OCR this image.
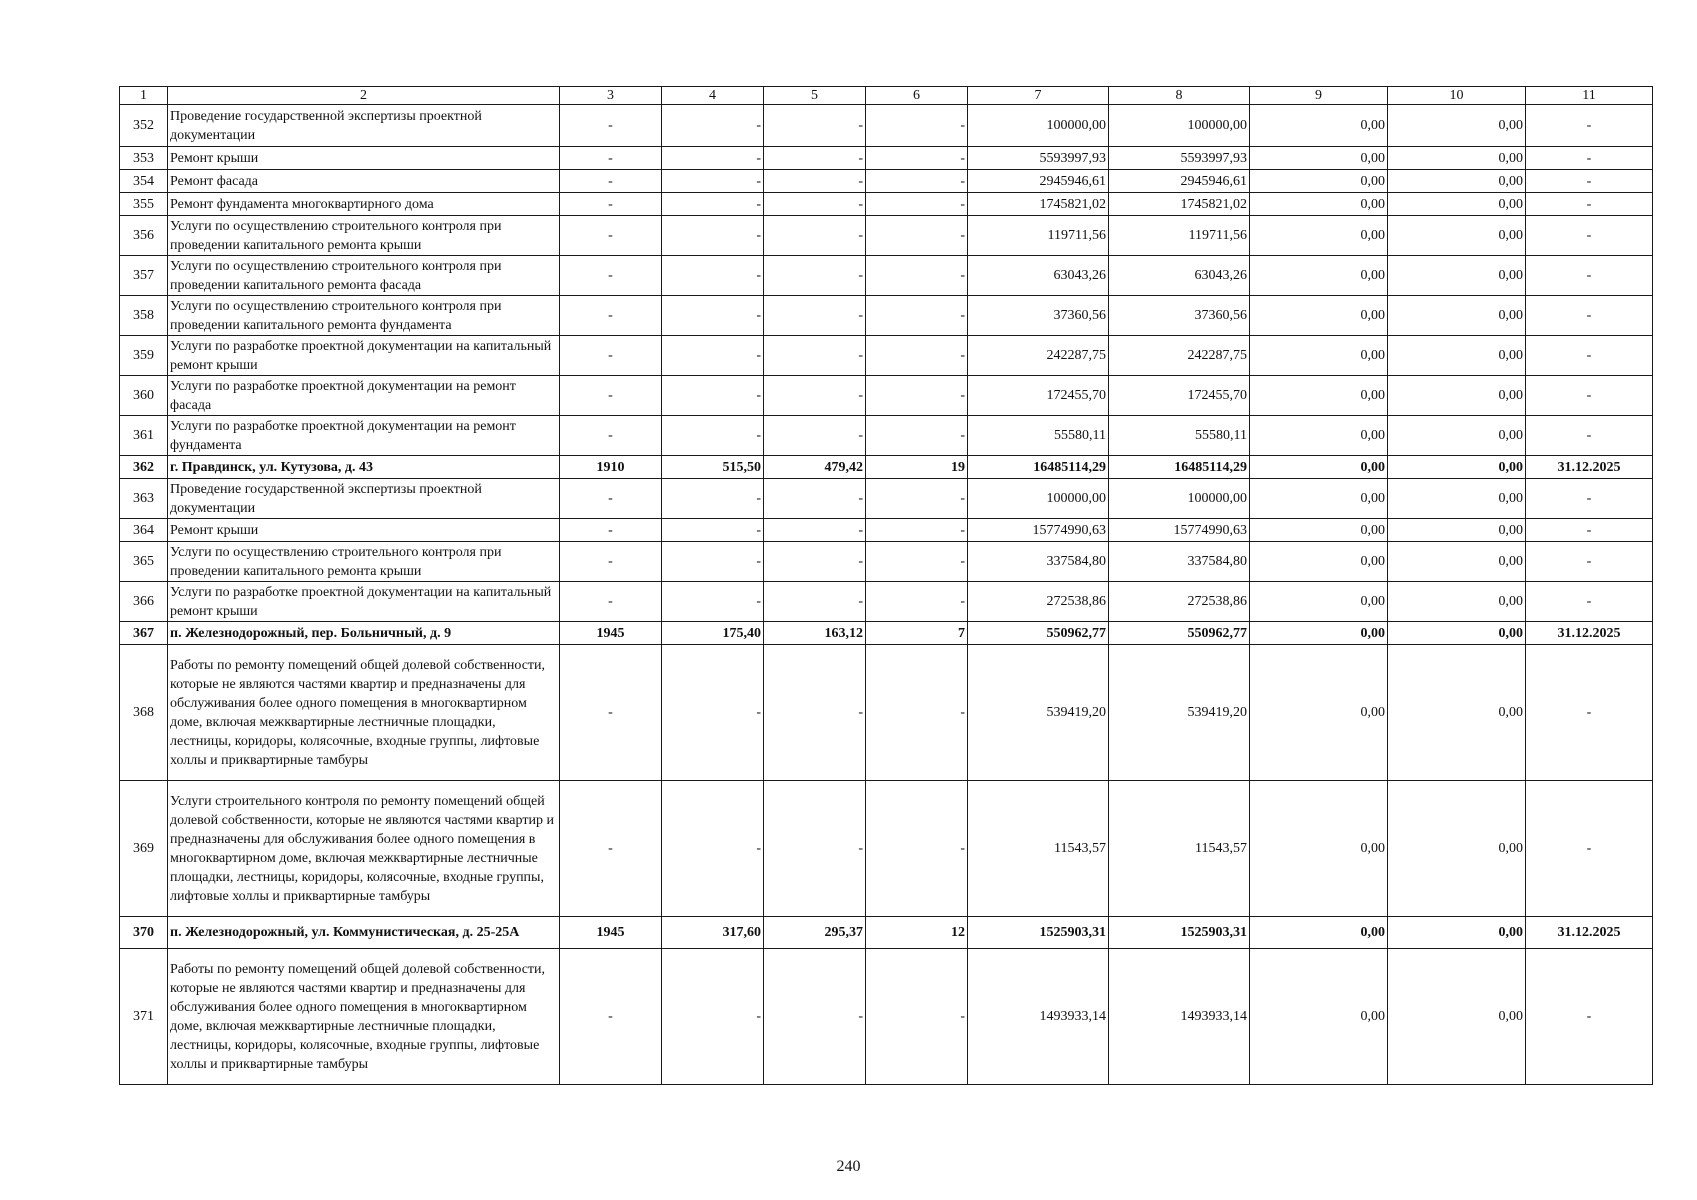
1	2	3	4	5	6	7	8	9	10	11
352	Проведение государственной экспертизы проектной документации	-	-	-	-	100000,00	100000,00	0,00	0,00	-
353	Ремонт крыши	-	-	-	-	5593997,93	5593997,93	0,00	0,00	-
354	Ремонт фасада	-	-	-	-	2945946,61	2945946,61	0,00	0,00	-
355	Ремонт фундамента многоквартирного дома	-	-	-	-	1745821,02	1745821,02	0,00	0,00	-
356	Услуги по осуществлению строительного контроля при проведении капитального ремонта крыши	-	-	-	-	119711,56	119711,56	0,00	0,00	-
357	Услуги по осуществлению строительного контроля при проведении капитального ремонта фасада	-	-	-	-	63043,26	63043,26	0,00	0,00	-
358	Услуги по осуществлению строительного контроля при проведении капитального ремонта фундамента	-	-	-	-	37360,56	37360,56	0,00	0,00	-
359	Услуги по разработке проектной документации на капитальный ремонт крыши	-	-	-	-	242287,75	242287,75	0,00	0,00	-
360	Услуги по разработке проектной документации на ремонт фасада	-	-	-	-	172455,70	172455,70	0,00	0,00	-
361	Услуги по разработке проектной документации на ремонт фундамента	-	-	-	-	55580,11	55580,11	0,00	0,00	-
362	г. Правдинск, ул. Кутузова, д. 43	1910	515,50	479,42	19	16485114,29	16485114,29	0,00	0,00	31.12.2025
363	Проведение государственной экспертизы проектной документации	-	-	-	-	100000,00	100000,00	0,00	0,00	-
364	Ремонт крыши	-	-	-	-	15774990,63	15774990,63	0,00	0,00	-
365	Услуги по осуществлению строительного контроля при проведении капитального ремонта крыши	-	-	-	-	337584,80	337584,80	0,00	0,00	-
366	Услуги по разработке проектной документации на капитальный ремонт крыши	-	-	-	-	272538,86	272538,86	0,00	0,00	-
367	п. Железнодорожный, пер. Больничный, д. 9	1945	175,40	163,12	7	550962,77	550962,77	0,00	0,00	31.12.2025
368	Работы по ремонту помещений общей долевой собственности, которые не являются частями квартир и предназначены для обслуживания более одного помещения в многоквартирном доме, включая межквартирные лестничные площадки, лестницы, коридоры, колясочные, входные группы, лифтовые холлы и приквартирные тамбуры	-	-	-	-	539419,20	539419,20	0,00	0,00	-
369	Услуги строительного контроля по ремонту помещений общей долевой собственности, которые не являются частями квартир и предназначены для обслуживания более одного помещения в многоквартирном доме, включая межквартирные лестничные площадки, лестницы, коридоры, колясочные, входные группы, лифтовые холлы и приквартирные тамбуры	-	-	-	-	11543,57	11543,57	0,00	0,00	-
370	п. Железнодорожный, ул. Коммунистическая, д. 25-25А	1945	317,60	295,37	12	1525903,31	1525903,31	0,00	0,00	31.12.2025
371	Работы по ремонту помещений общей долевой собственности, которые не являются частями квартир и предназначены для обслуживания более одного помещения в многоквартирном доме, включая межквартирные лестничные площадки, лестницы, коридоры, колясочные, входные группы, лифтовые холлы и приквартирные тамбуры	-	-	-	-	1493933,14	1493933,14	0,00	0,00	-
240
